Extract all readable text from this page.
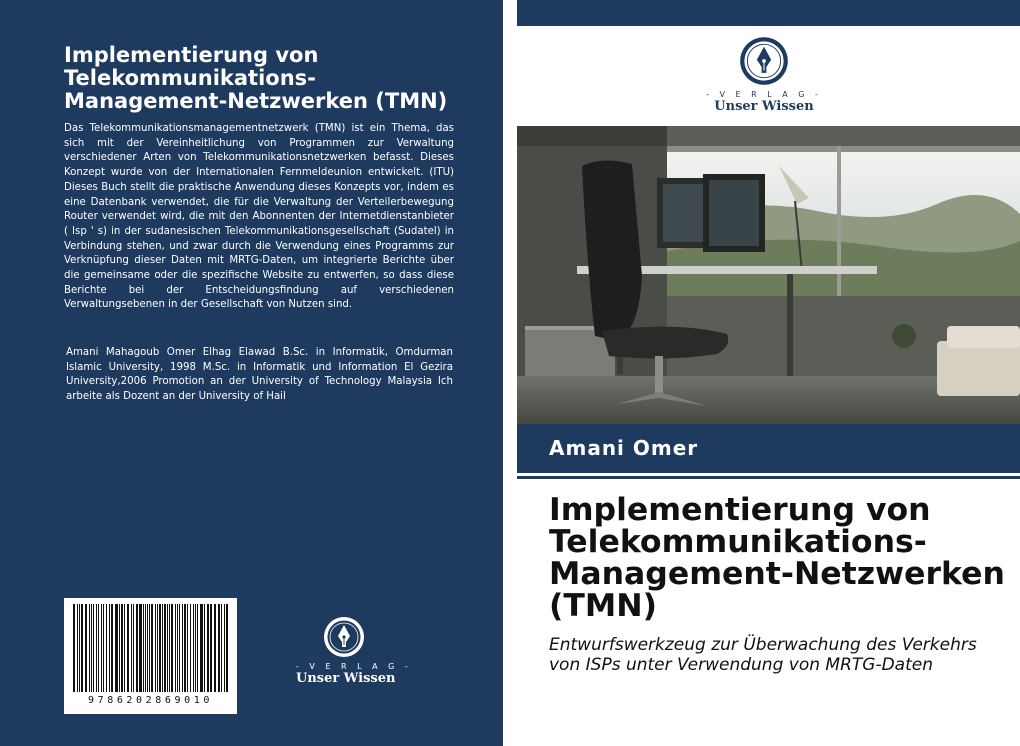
Implementierung von
Telekommunikations-
Management-Netzwerken (TMN)
Das Telekommunikationsmanagementnetzwerk (TMN) ist ein Thema, das sich mit der Vereinheitlichung von Programmen zur Verwaltung verschiedener Arten von Telekommunikationsnetzwerken befasst. Dieses Konzept wurde von der Internationalen Fernmeldeunion entwickelt. (ITU) Dieses Buch stellt die praktische Anwendung dieses Konzepts vor, indem es eine Datenbank verwendet, die für die Verwaltung der Verteilerbewegung Router verwendet wird, die mit den Abonnenten der Internetdienstanbieter ( Isp ' s) in der sudanesischen Telekommunikationsgesellschaft (Sudatel) in Verbindung stehen, und zwar durch die Verwendung eines Programms zur Verknüpfung dieser Daten mit MRTG-Daten, um integrierte Berichte über die gemeinsame oder die spezifische Website zu entwerfen, so dass diese Berichte bei der Entscheidungsfindung auf verschiedenen Verwaltungsebenen in der Gesellschaft von Nutzen sind.
Amani Mahagoub Omer Elhag Elawad B.Sc. in Informatik, Omdurman Islamic University, 1998 M.Sc. in Informatik und Information El Gezira University,2006 Promotion an der University of Technology Malaysia Ich arbeite als Dozent an der University of Hail
9786202869010
- V E R L A G -
Unser Wissen
- V E R L A G -
Unser Wissen
Amani Omer
Implementierung von
Telekommunikations-
Management-Netzwerken
(TMN)
Entwurfswerkzeug zur Überwachung des Verkehrs
von ISPs unter Verwendung von MRTG-Daten
